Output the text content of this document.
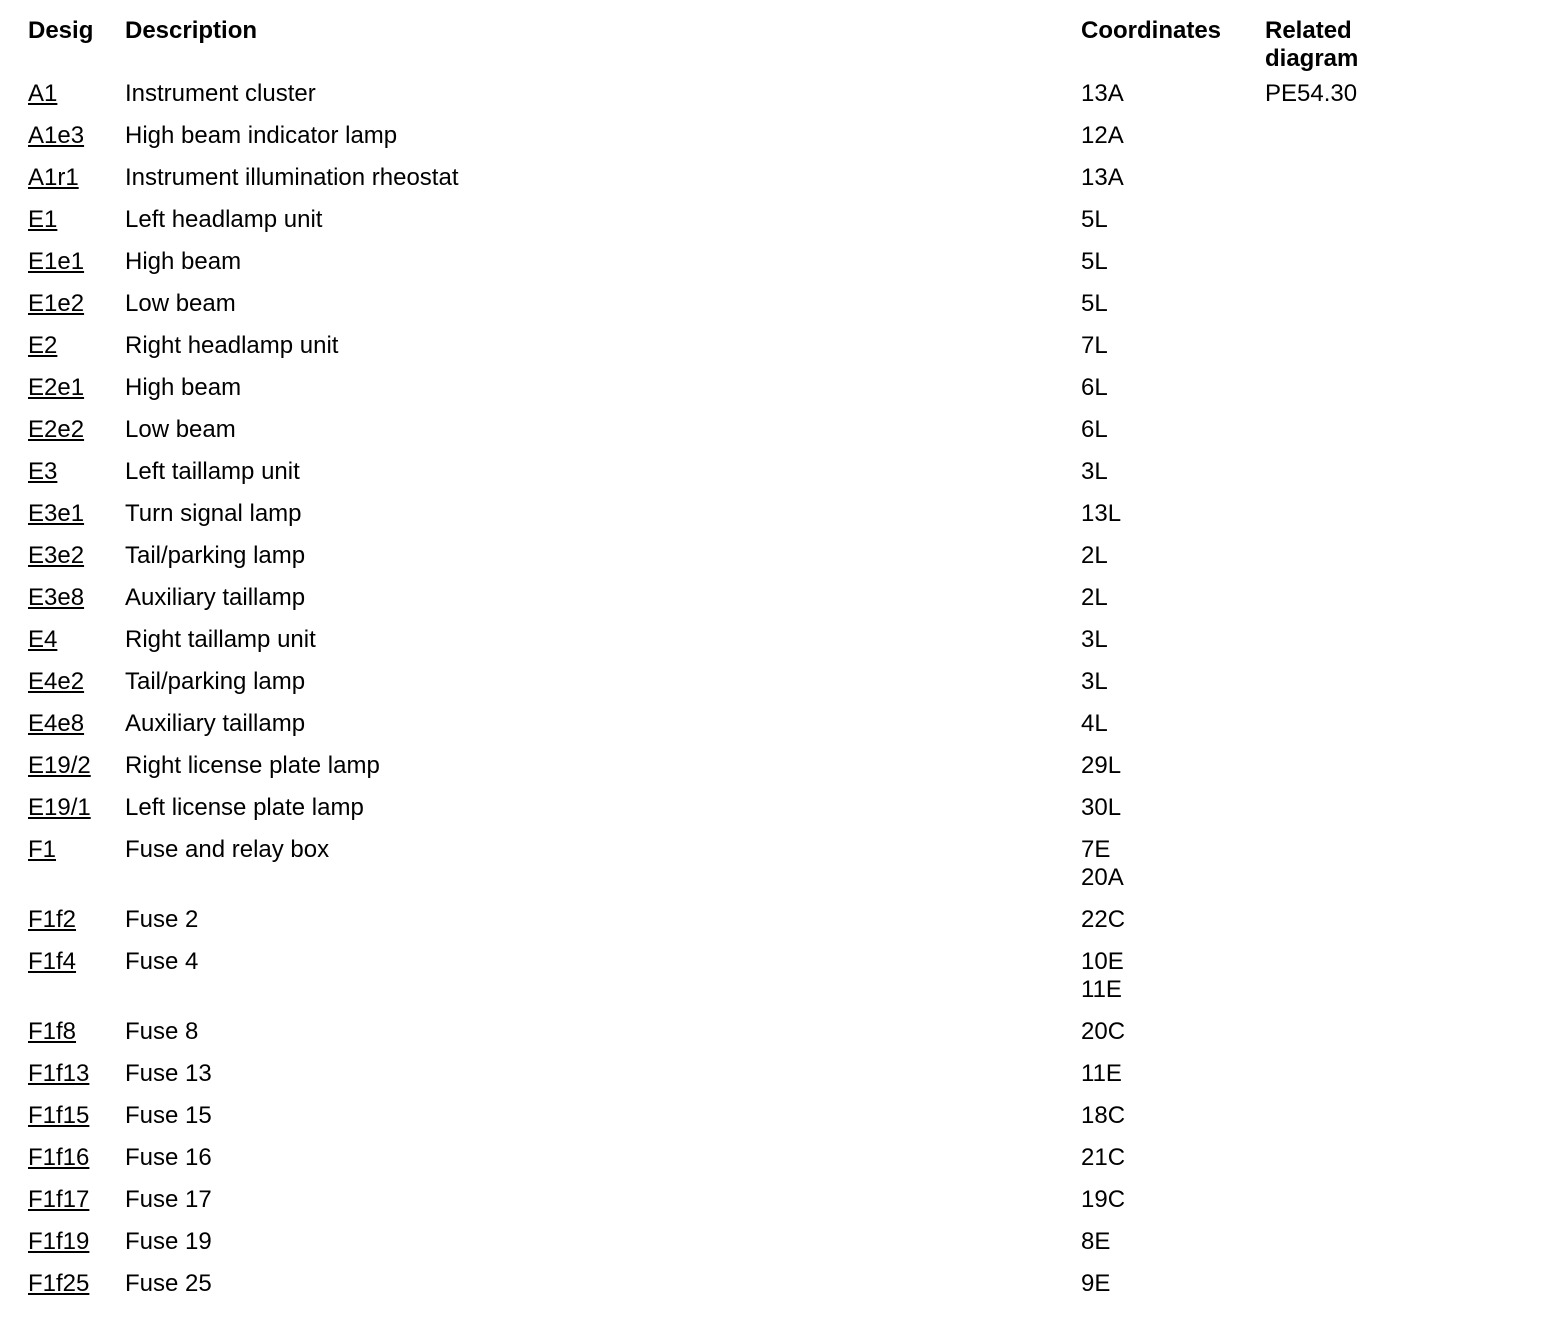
Desig	Description	Coordinates	Related diagram
A1	Instrument cluster	13A	PE54.30
A1e3	High beam indicator lamp	12A	

A1r1	Instrument illumination rheostat	13A	

E1	Left headlamp unit	5L	

E1e1	High beam	5L	

E1e2	Low beam	5L	

E2	Right headlamp unit	7L	

E2e1	High beam	6L	

E2e2	Low beam	6L	

E3	Left taillamp unit	3L	

E3e1	Turn signal lamp	13L	

E3e2	Tail/parking lamp	2L	

E3e8	Auxiliary taillamp	2L	

E4	Right taillamp unit	3L	

E4e2	Tail/parking lamp	3L	

E4e8	Auxiliary taillamp	4L	

E19/2	Right license plate lamp	29L	

E19/1	Left license plate lamp	30L	

F1	Fuse and relay box	7E
20A	

F1f2	Fuse 2	22C	

F1f4	Fuse 4	10E
11E	

F1f8	Fuse 8	20C	

F1f13	Fuse 13	11E	

F1f15	Fuse 15	18C	

F1f16	Fuse 16	21C	

F1f17	Fuse 17	19C	

F1f19	Fuse 19	8E	

F1f25	Fuse 25	9E	
